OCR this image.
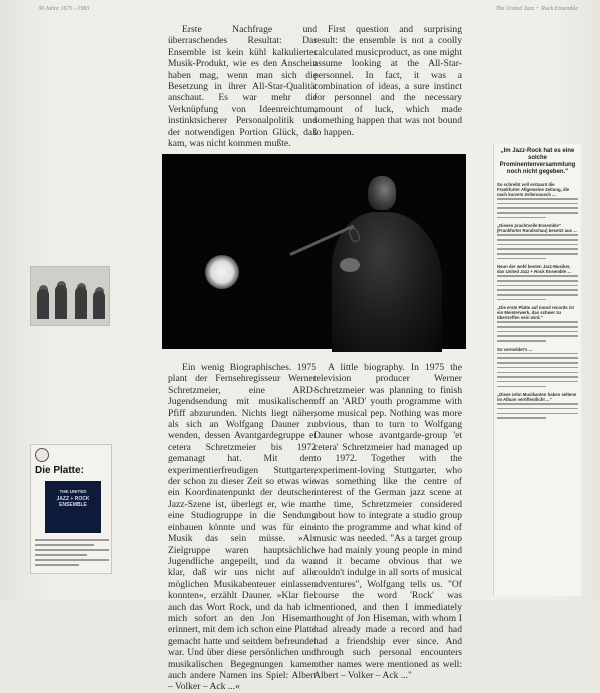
30 Jahre 1675 - 1983	The United Jazz + Rock Ensemble

Erste Nachfrage und überraschendes Resultat: Das Ensemble ist kein kühl kalkuliertes Musik-Produkt, wie es den Anschein haben mag, wenn man sich die Besetzung in ihrer All-Star-Qualität anschaut. Es war mehr die Verknüpfung von Ideenreichtum, instinktsicherer Personalpolitik und der notwendigen Portion Glück, daß kam, was nicht kommen mußte.

First question and surprising result: the ensemble is not a coolly calculated musicproduct, as one might assume looking at the All-Star-personnel. In fact, it was a combination of ideas, a sure instinct for personnel and the necessary amount of luck, which made something happen that was not bound to happen.

Die Platte:
THE UNITED
JAZZ + ROCK ENSEMBLE

Ein wenig Biographisches. 1975 plant der Fernsehregisseur Werner Schretzmeier, eine ARD-Jugendsendung mit musikalischem Pfiff abzurunden. Nichts liegt näher, als sich an Wolfgang Dauner zu wenden, dessen Avantgardegruppe et cetera Schretzmeier bis 1972 gemanagt hat. Mit dem experimentierfreudigen Stuttgarter, der schon zu dieser Zeit so etwas wie ein Koordinatenpunkt der deutschen Jazz-Szene ist, überlegt er, wie man eine Studiogruppe in die Sendung einbauen könnte und was für eine Musik das sein müsse. »Als Zielgruppe waren hauptsächlich Jugendliche angepeilt, und da war klar, daß wir uns nicht auf alle möglichen Musikabenteuer einlassen konnten«, erzählt Dauner. »Klar fiel auch das Wort Rock, und da hab ich mich sofort an den Jon Hiseman erinnert, mit dem ich schon eine Platte gemacht hatte und seitdem befreundet war. Und über diese persönlichen und musikalischen Begegnungen kamen auch andere Namen ins Spiel: Albert – Volker – Ack ...«

A little biography. In 1975 the television producer Werner Schretzmeier was planning to finish off an 'ARD' youth programme with some musical pep. Nothing was more obvious, than to turn to Wolfgang Dauner whose avantgarde-group 'et cetera' Schretzmeier had managed up to 1972. Together with the experiment-loving Stuttgarter, who was something like the centre of interest of the German jazz scene at the time, Schretzmeier considered about how to integrate a studio group into the programme and what kind of music was needed. "As a target group we had mainly young people in mind and it became obvious that we couldn't indulge in all sorts of musical adventures", Wolfgang tells us. "Of course the word 'Rock' was mentioned, and then I immediately thought of Jon Hiseman, with whom I had already made a record and had had a friendship ever since. And through such personal encounters other names were mentioned as well: Albert – Volker – Ack ..."

„Im Jazz-Rock hat es eine solche Prominentenversammlung noch nicht gegeben."
So schreibt voll erstaunt die Frankfurter Allgemeine Zeitung, die nach kurzem Zeilenrausch ...
„Diesen prachtvolle Ensemble" (Frankfurter Rundschau) besetzt aus ...
Neun der wohl besten Jazz-Musiker, das United Jazz + Rock Ensemble ...
„Die erste Platte auf mood records ist ein Meisterwerk, das schwer zu übertreffen sein wird."
So vermeldet's ...
„Diese zehn Musikanten haben seltene im Album veröffentlicht ..."
